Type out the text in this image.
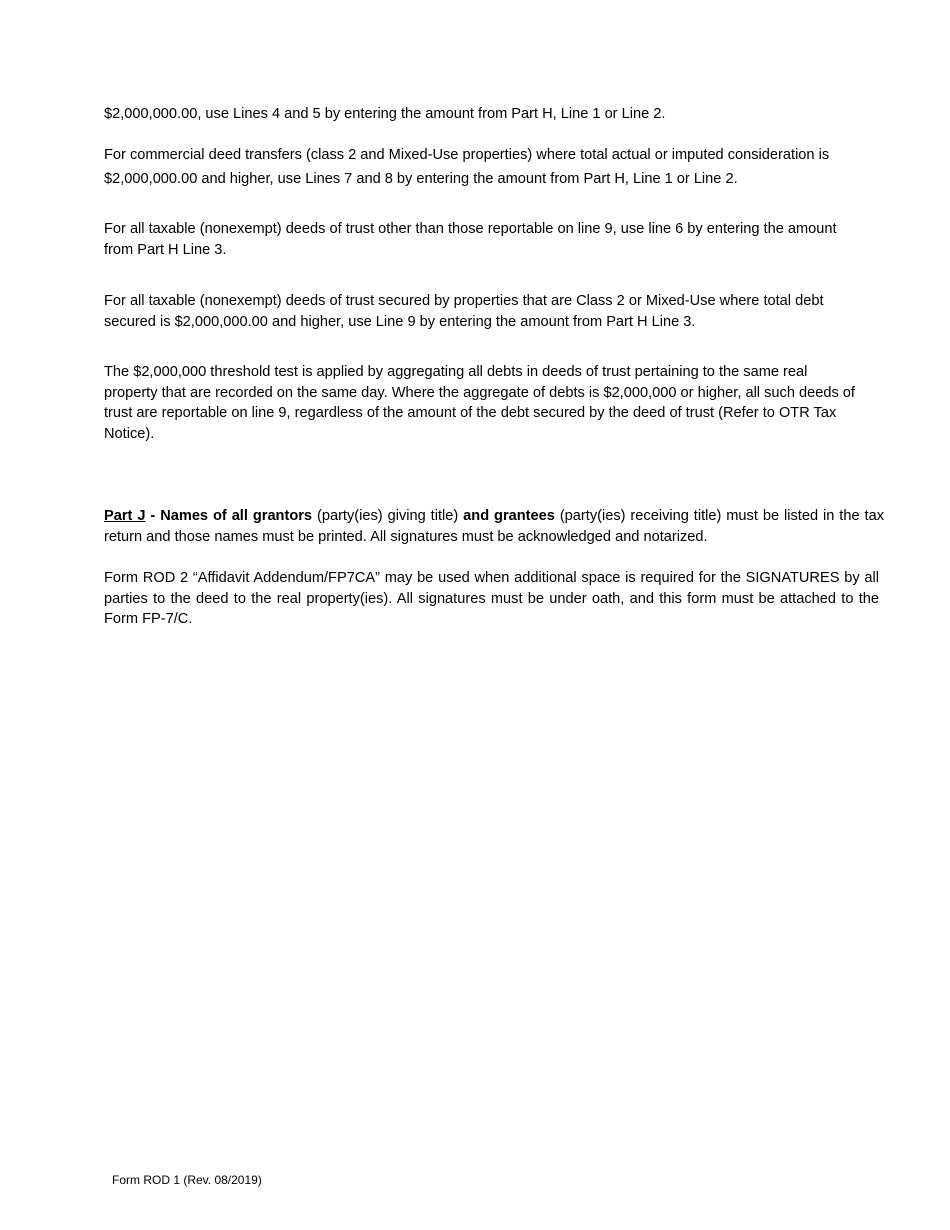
$2,000,000.00, use Lines 4 and 5 by entering the amount from Part H, Line 1 or Line 2.

For commercial deed transfers (class 2 and Mixed-Use properties) where total actual or imputed consideration is
$2,000,000.00 and higher, use Lines 7 and 8 by entering the amount from Part H, Line 1 or Line 2.

For all taxable (nonexempt) deeds of trust other than those reportable on line 9, use line 6 by entering the amount from Part H Line 3.

For all taxable (nonexempt) deeds of trust secured by properties that are Class 2 or Mixed-Use where total debt secured is $2,000,000.00 and higher, use Line 9 by entering the amount from Part H Line 3.

The $2,000,000 threshold test is applied by aggregating all debts in deeds of trust pertaining to the same real property that are recorded on the same day. Where the aggregate of debts is $2,000,000 or higher, all such deeds of trust are reportable on line 9, regardless of the amount of the debt secured by the deed of trust (Refer to OTR Tax Notice).

Part J - Names of all grantors (party(ies) giving title) and grantees (party(ies) receiving title) must be listed in the tax return and those names must be printed. All signatures must be acknowledged and notarized.

Form ROD 2 “Affidavit Addendum/FP7CA” may be used when additional space is required for the SIGNATURES by all parties to the deed to the real property(ies). All signatures must be under oath, and this form must be attached to the Form FP-7/C.

Form ROD 1 (Rev. 08/2019)
